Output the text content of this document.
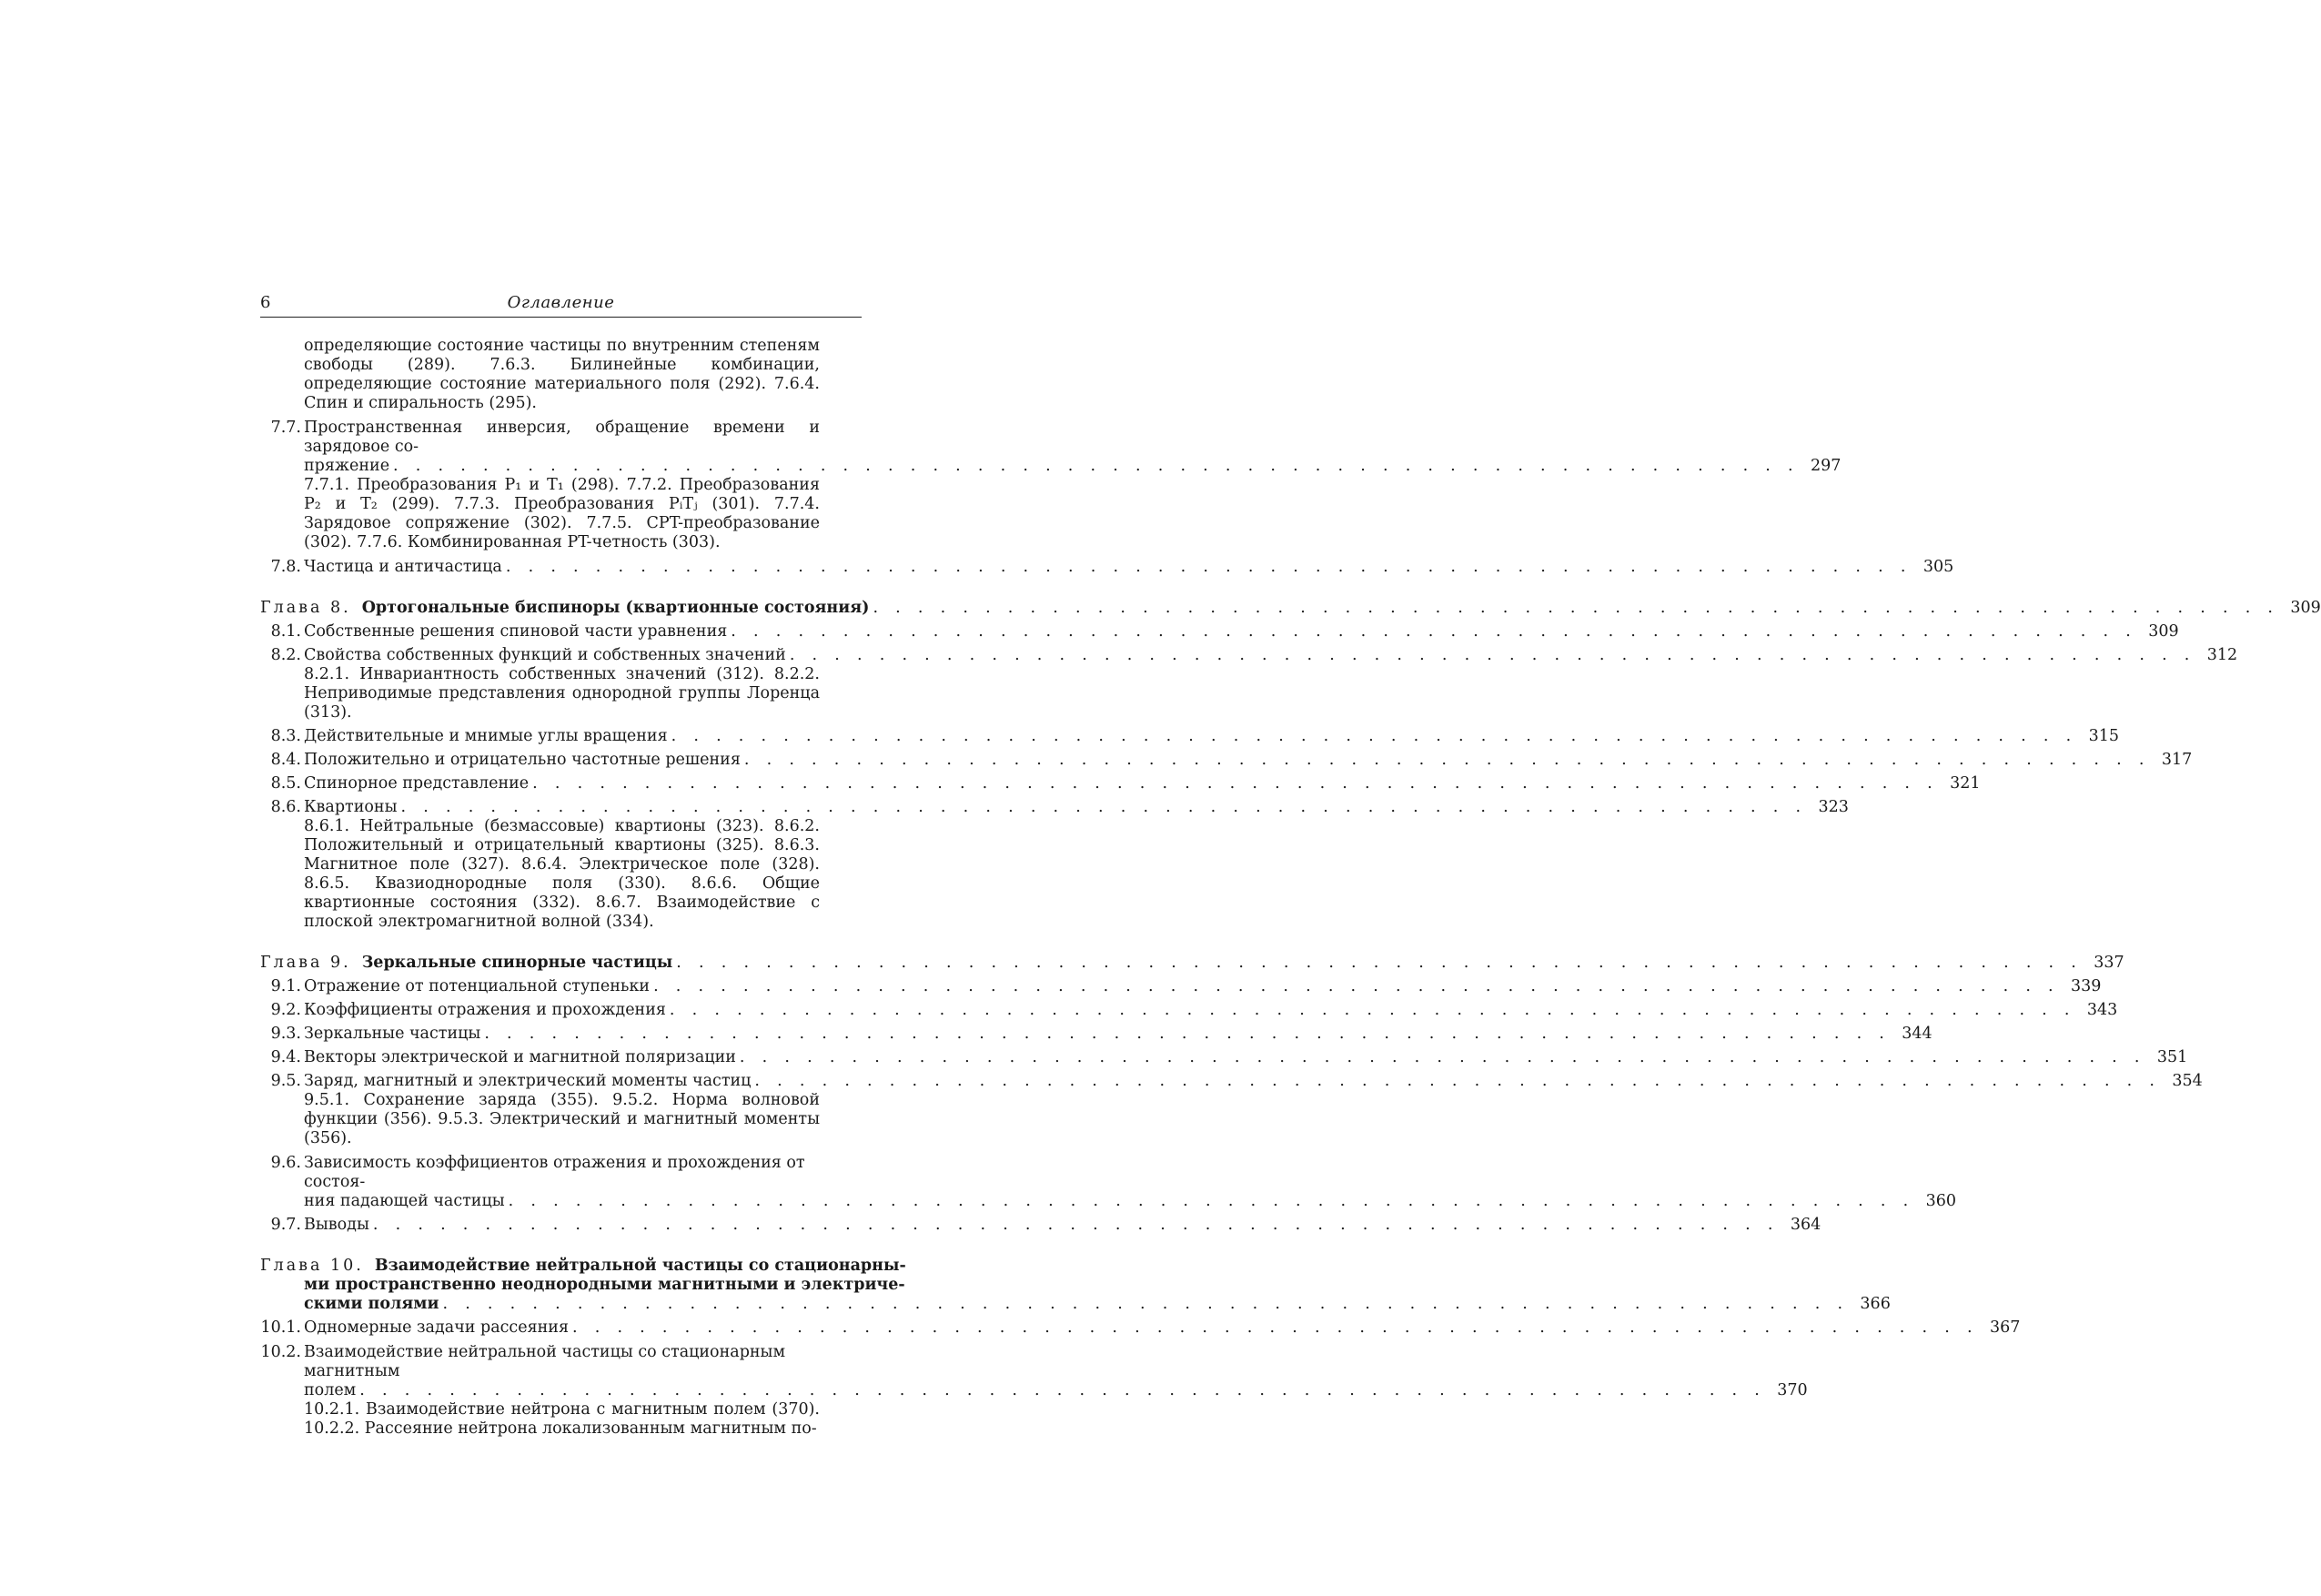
6	Оглавление
определяющие состояние частицы по внутренним степеням свободы (289). 7.6.3. Билинейные комбинации, определяющие состояние материального поля (292). 7.6.4. Спин и спиральность (295).
7.7. Пространственная инверсия, обращение времени и зарядовое со-
пряжение . . . . . . . . . . . . . . . . . . . . . . . . . . . . . . . . . . . . . . . . . . . . . . . . . . . . . . . . . . . . . . . 297
7.7.1. Преобразования P₁ и T₁ (298). 7.7.2. Преобразования P₂ и T₂ (299). 7.7.3. Преобразования PᵢTⱼ (301). 7.7.4. Зарядовое сопряжение (302). 7.7.5. CPT-преобразование (302). 7.7.6. Комбинированная PT-четность (303).
7.8. Частица и античастица . . . . . . . . . . . . . . . . . . . . . . . . . . . . . . . . . . . . . . . . . . . . . . . . . . . . . . . . . . . . . . . 305
Глава 8. Ортогональные биспиноры (квартионные состояния) . . . . . . . . . . . . . . . . . . . . . . . . . . . . . . . . . . . . . . . . . . . . . . . . . . . . . . . . . . . . . . . 309
8.1. Собственные решения спиновой части уравнения . . . . . . . . . . . . . . . . . . . . . . . . . . . . . . . . . . . . . . . . . . . . . . . . . . . . . . . . . . . . . . . 309
8.2. Свойства собственных функций и собственных значений . . . . . . . . . . . . . . . . . . . . . . . . . . . . . . . . . . . . . . . . . . . . . . . . . . . . . . . . . . . . . . . 312
8.2.1. Инвариантность собственных значений (312). 8.2.2. Неприводимые представления однородной группы Лоренца (313).
8.3. Действительные и мнимые углы вращения . . . . . . . . . . . . . . . . . . . . . . . . . . . . . . . . . . . . . . . . . . . . . . . . . . . . . . . . . . . . . . . 315
8.4. Положительно и отрицательно частотные решения . . . . . . . . . . . . . . . . . . . . . . . . . . . . . . . . . . . . . . . . . . . . . . . . . . . . . . . . . . . . . . . 317
8.5. Спинорное представление . . . . . . . . . . . . . . . . . . . . . . . . . . . . . . . . . . . . . . . . . . . . . . . . . . . . . . . . . . . . . . . 321
8.6. Квартионы . . . . . . . . . . . . . . . . . . . . . . . . . . . . . . . . . . . . . . . . . . . . . . . . . . . . . . . . . . . . . . . 323
8.6.1. Нейтральные (безмассовые) квартионы (323). 8.6.2. Положительный и отрицательный квартионы (325). 8.6.3. Магнитное поле (327). 8.6.4. Электрическое поле (328). 8.6.5. Квазиоднородные поля (330). 8.6.6. Общие квартионные состояния (332). 8.6.7. Взаимодействие с плоской электромагнитной волной (334).
Глава 9. Зеркальные спинорные частицы . . . . . . . . . . . . . . . . . . . . . . . . . . . . . . . . . . . . . . . . . . . . . . . . . . . . . . . . . . . . . . . 337
9.1. Отражение от потенциальной ступеньки . . . . . . . . . . . . . . . . . . . . . . . . . . . . . . . . . . . . . . . . . . . . . . . . . . . . . . . . . . . . . . . 339
9.2. Коэффициенты отражения и прохождения . . . . . . . . . . . . . . . . . . . . . . . . . . . . . . . . . . . . . . . . . . . . . . . . . . . . . . . . . . . . . . . 343
9.3. Зеркальные частицы . . . . . . . . . . . . . . . . . . . . . . . . . . . . . . . . . . . . . . . . . . . . . . . . . . . . . . . . . . . . . . . 344
9.4. Векторы электрической и магнитной поляризации . . . . . . . . . . . . . . . . . . . . . . . . . . . . . . . . . . . . . . . . . . . . . . . . . . . . . . . . . . . . . . . 351
9.5. Заряд, магнитный и электрический моменты частиц . . . . . . . . . . . . . . . . . . . . . . . . . . . . . . . . . . . . . . . . . . . . . . . . . . . . . . . . . . . . . . . 354
9.5.1. Сохранение заряда (355). 9.5.2. Норма волновой функции (356). 9.5.3. Электрический и магнитный моменты (356).
9.6. Зависимость коэффициентов отражения и прохождения от состоя-
ния падающей частицы . . . . . . . . . . . . . . . . . . . . . . . . . . . . . . . . . . . . . . . . . . . . . . . . . . . . . . . . . . . . . . . 360
9.7. Выводы . . . . . . . . . . . . . . . . . . . . . . . . . . . . . . . . . . . . . . . . . . . . . . . . . . . . . . . . . . . . . . . 364
Глава 10. Взаимодействие нейтральной частицы со стационарны-
ми пространственно неоднородными магнитными и электриче-
скими полями . . . . . . . . . . . . . . . . . . . . . . . . . . . . . . . . . . . . . . . . . . . . . . . . . . . . . . . . . . . . . . . 366
10.1. Одномерные задачи рассеяния . . . . . . . . . . . . . . . . . . . . . . . . . . . . . . . . . . . . . . . . . . . . . . . . . . . . . . . . . . . . . . . 367
10.2. Взаимодействие нейтральной частицы со стационарным магнитным
полем . . . . . . . . . . . . . . . . . . . . . . . . . . . . . . . . . . . . . . . . . . . . . . . . . . . . . . . . . . . . . . . 370
10.2.1. Взаимодействие нейтрона с магнитным полем (370). 10.2.2. Рассеяние нейтрона локализованным магнитным по-
